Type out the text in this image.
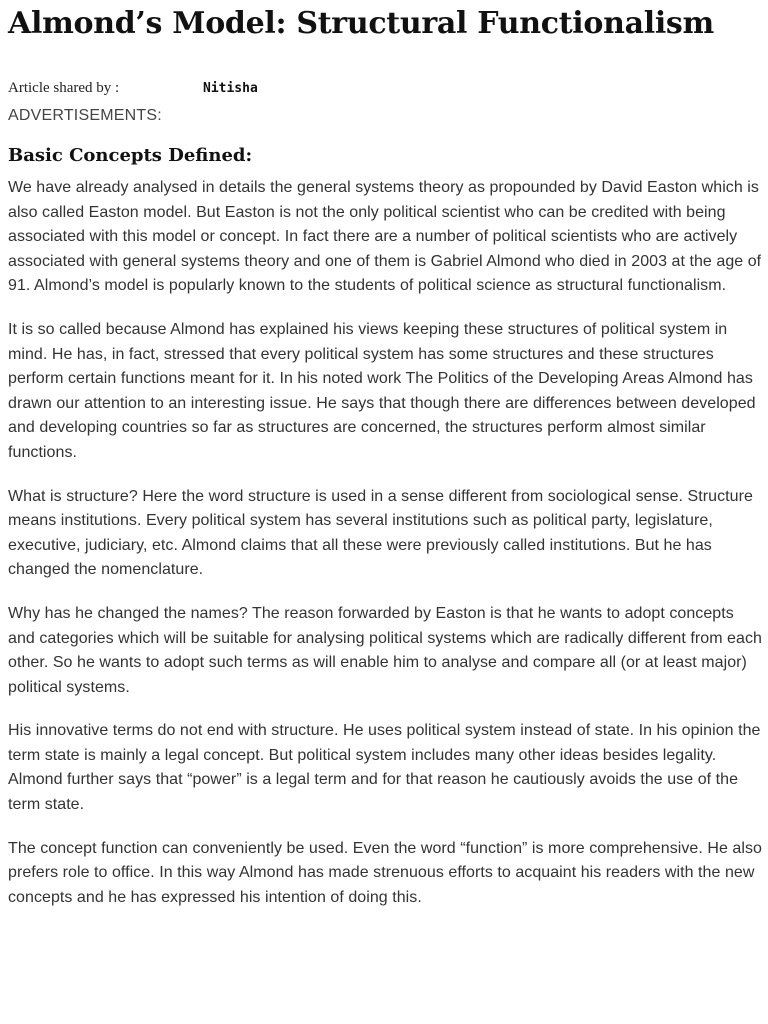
Almond’s Model: Structural Functionalism
Article shared by :	Nitisha
ADVERTISEMENTS:
Basic Concepts Defined:

We have already analysed in details the general systems theory as propounded by David Easton which is also called Easton model. But Easton is not the only political scientist who can be credited with being associated with this model or concept. In fact there are a number of political scientists who are actively associated with general systems theory and one of them is Gabriel Almond who died in 2003 at the age of 91. Almond’s model is popularly known to the students of political science as structural functionalism.

It is so called because Almond has explained his views keeping these structures of political system in mind. He has, in fact, stressed that every political system has some structures and these structures perform certain functions meant for it. In his noted work The Politics of the Developing Areas Almond has drawn our attention to an interesting issue. He says that though there are differences between developed and developing countries so far as structures are concerned, the structures perform almost similar functions.

What is structure? Here the word structure is used in a sense different from sociological sense. Structure means institutions. Every political system has several institutions such as political party, legislature, executive, judiciary, etc. Almond claims that all these were previously called institutions. But he has changed the nomenclature.

Why has he changed the names? The reason forwarded by Easton is that he wants to adopt concepts and categories which will be suitable for analysing political systems which are radically different from each other. So he wants to adopt such terms as will enable him to analyse and compare all (or at least major) political systems.

His innovative terms do not end with structure. He uses political system instead of state. In his opinion the term state is mainly a legal concept. But political system includes many other ideas besides legality. Almond further says that “power” is a legal term and for that reason he cautiously avoids the use of the term state.

The concept function can conveniently be used. Even the word “function” is more comprehensive. He also prefers role to office. In this way Almond has made strenuous efforts to acquaint his readers with the new concepts and he has expressed his intention of doing this.
